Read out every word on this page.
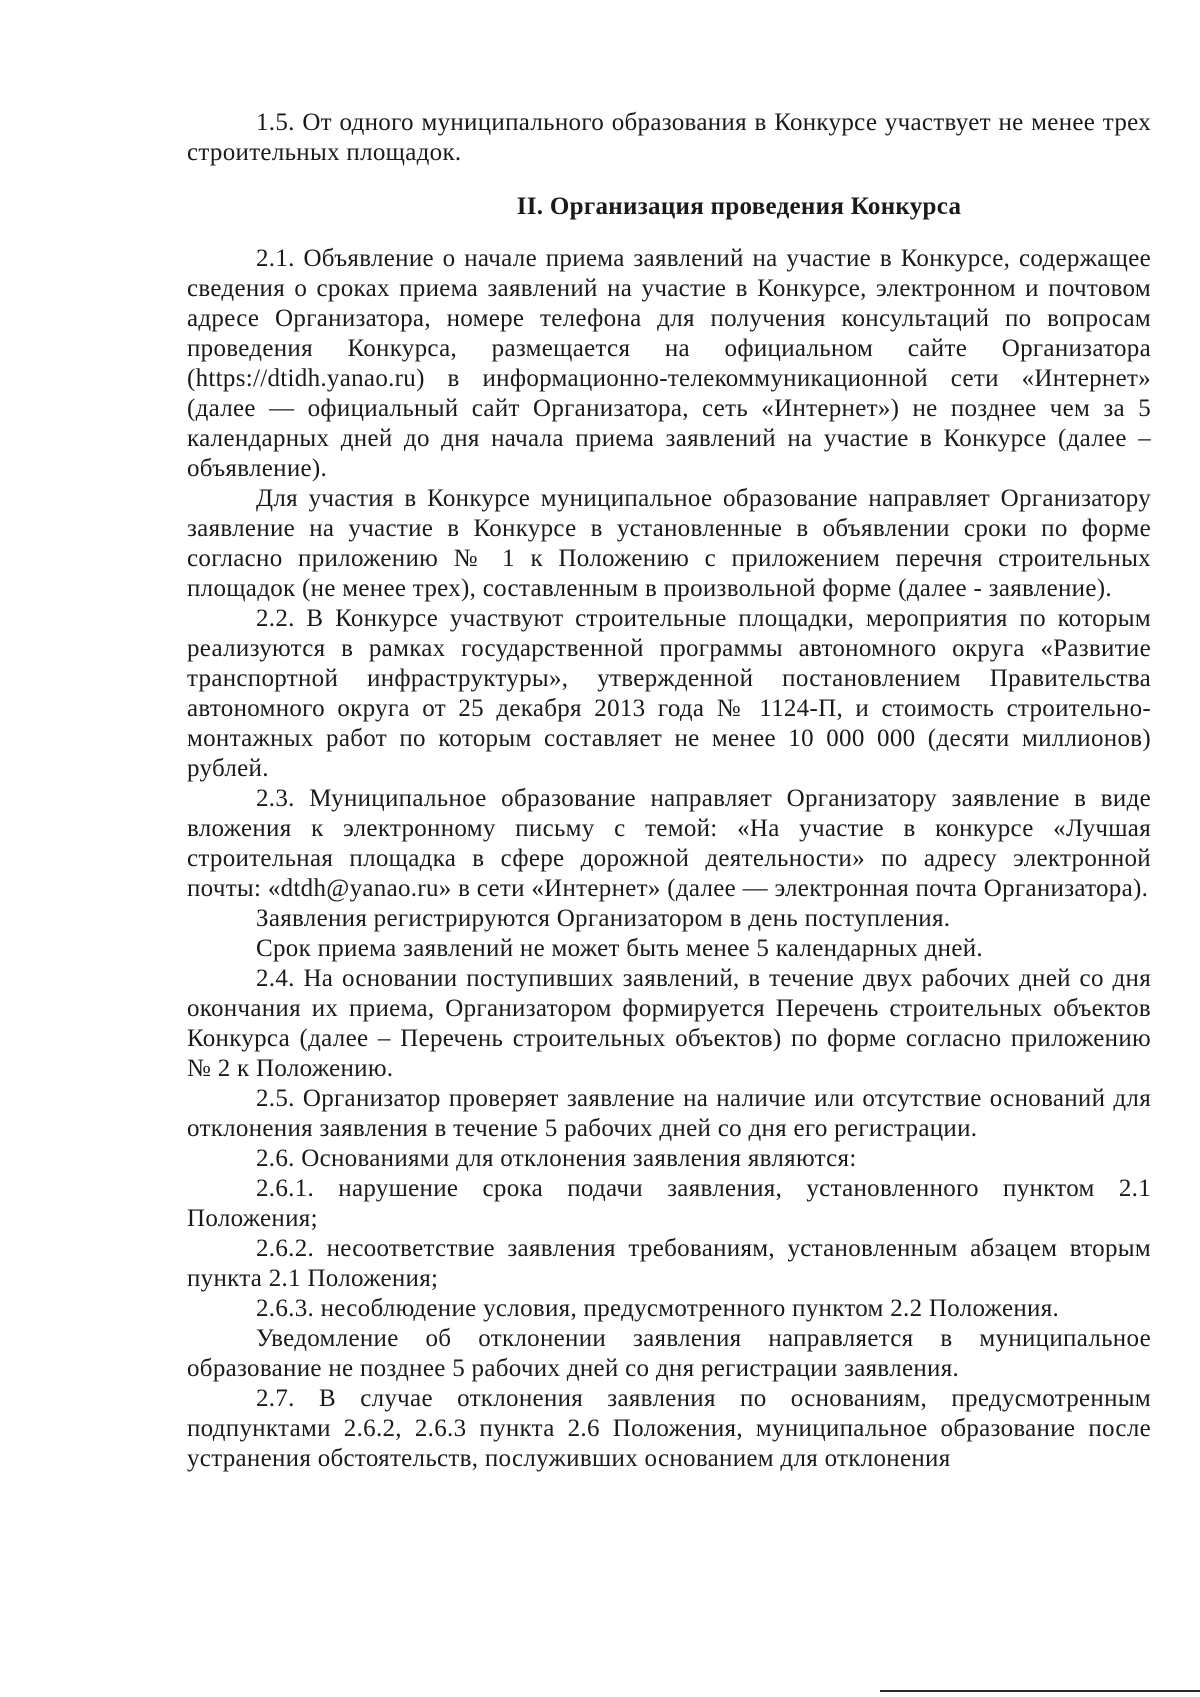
1.5. От одного муниципального образования в Конкурсе участвует не менее трех строительных площадок.

II. Организация проведения Конкурса

2.1. Объявление о начале приема заявлений на участие в Конкурсе, содержащее сведения о сроках приема заявлений на участие в Конкурсе, электронном и почтовом адресе Организатора, номере телефона для получения консультаций по вопросам проведения Конкурса, размещается на официальном сайте Организатора (https://dtidh.yanao.ru) в информационно-телекоммуникационной сети «Интернет» (далее — официальный сайт Организатора, сеть «Интернет») не позднее чем за 5 календарных дней до дня начала приема заявлений на участие в Конкурсе (далее – объявление).

Для участия в Конкурсе муниципальное образование направляет Организатору заявление на участие в Конкурсе в установленные в объявлении сроки по форме согласно приложению № 1 к Положению с приложением перечня строительных площадок (не менее трех), составленным в произвольной форме (далее - заявление).

2.2. В Конкурсе участвуют строительные площадки, мероприятия по которым реализуются в рамках государственной программы автономного округа «Развитие транспортной инфраструктуры», утвержденной постановлением Правительства автономного округа от 25 декабря 2013 года № 1124-П, и стоимость строительно-монтажных работ по которым составляет не менее 10 000 000 (десяти миллионов) рублей.

2.3. Муниципальное образование направляет Организатору заявление в виде вложения к электронному письму с темой: «На участие в конкурсе «Лучшая строительная площадка в сфере дорожной деятельности» по адресу электронной почты: «dtdh@yanao.ru» в сети «Интернет» (далее — электронная почта Организатора).

Заявления регистрируются Организатором в день поступления.

Срок приема заявлений не может быть менее 5 календарных дней.

2.4. На основании поступивших заявлений, в течение двух рабочих дней со дня окончания их приема, Организатором формируется Перечень строительных объектов Конкурса (далее – Перечень строительных объектов) по форме согласно приложению № 2 к Положению.

2.5. Организатор проверяет заявление на наличие или отсутствие оснований для отклонения заявления в течение 5 рабочих дней со дня его регистрации.

2.6. Основаниями для отклонения заявления являются:

2.6.1. нарушение срока подачи заявления, установленного пунктом 2.1 Положения;

2.6.2. несоответствие заявления требованиям, установленным абзацем вторым пункта 2.1 Положения;

2.6.3. несоблюдение условия, предусмотренного пунктом 2.2 Положения.

Уведомление об отклонении заявления направляется в муниципальное образование не позднее 5 рабочих дней со дня регистрации заявления.

2.7. В случае отклонения заявления по основаниям, предусмотренным подпунктами 2.6.2, 2.6.3 пункта 2.6 Положения, муниципальное образование после устранения обстоятельств, послуживших основанием для отклонения
